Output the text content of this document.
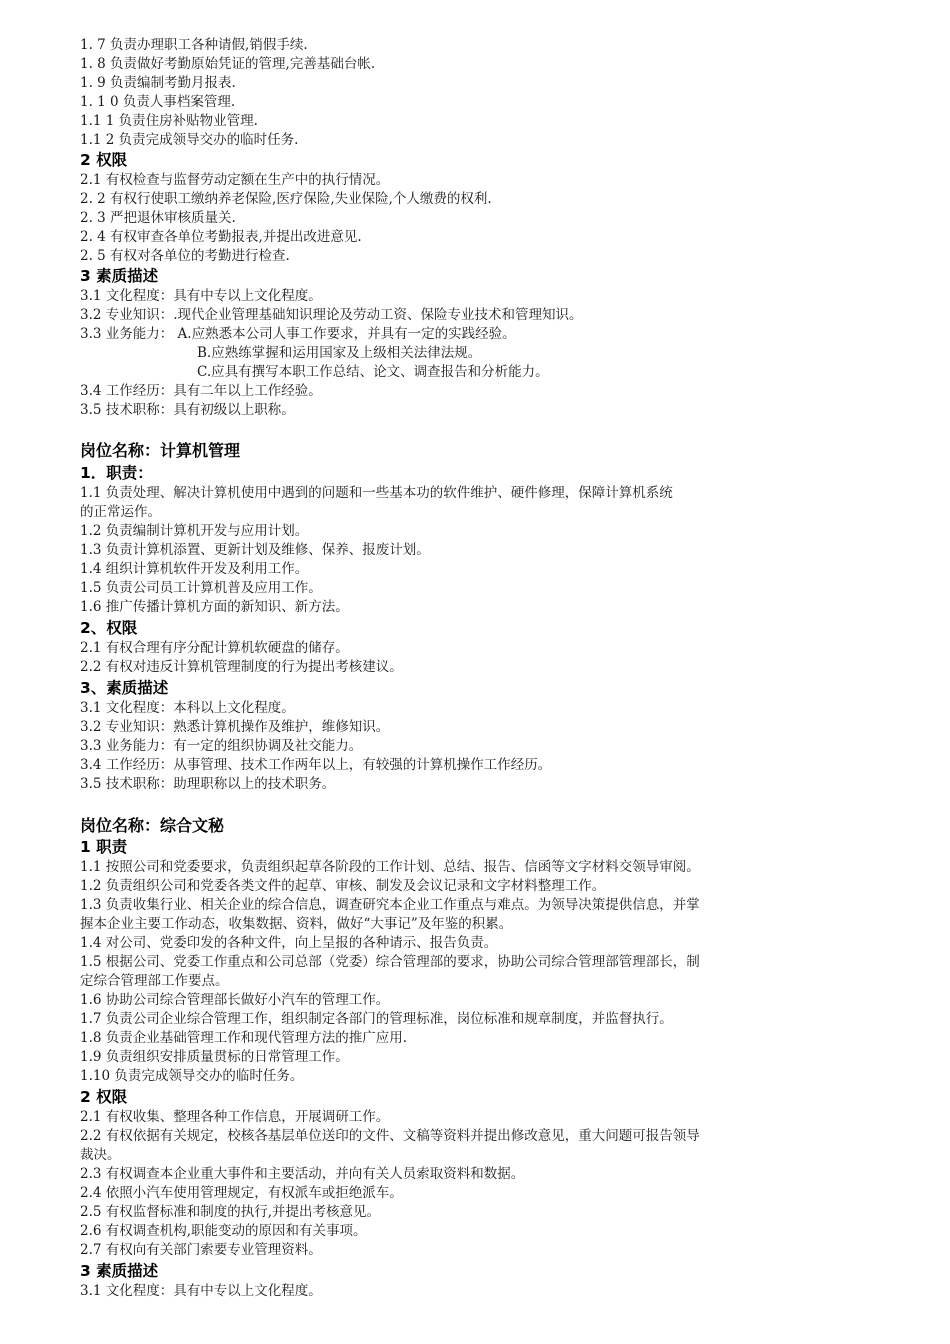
1. 7 负责办理职工各种请假,销假手续.

1. 8 负责做好考勤原始凭证的管理,完善基础台帐.

1. 9 负责编制考勤月报表.

1. 1 0 负责人事档案管理.

1.1 1 负责住房补贴物业管理.

1.1 2 负责完成领导交办的临时任务.

2 权限

2.1 有权检查与监督劳动定额在生产中的执行情况。

2. 2 有权行使职工缴纳养老保险,医疗保险,失业保险,个人缴费的权利.

2. 3 严把退休审核质量关.

2. 4 有权审查各单位考勤报表,并提出改进意见.

2. 5 有权对各单位的考勤进行检查.

3 素质描述

3.1 文化程度：具有中专以上文化程度。

3.2 专业知识：.现代企业管理基础知识理论及劳动工资、保险专业技术和管理知识。

3.3 业务能力： A.应熟悉本公司人事工作要求，并具有一定的实践经验。

B.应熟练掌握和运用国家及上级相关法律法规。

C.应具有撰写本职工作总结、论文、调查报告和分析能力。

3.4 工作经历：具有二年以上工作经验。

3.5 技术职称：具有初级以上职称。

岗位名称：计算机管理

1．职责：

1.1 负责处理、解决计算机使用中遇到的问题和一些基本功的软件维护、硬件修理，保障计算机系统

的正常运作。

1.2 负责编制计算机开发与应用计划。

1.3 负责计算机添置、更新计划及维修、保养、报废计划。

1.4 组织计算机软件开发及利用工作。

1.5 负责公司员工计算机普及应用工作。

1.6 推广传播计算机方面的新知识、新方法。

2、权限

2.1 有权合理有序分配计算机软硬盘的储存。

2.2 有权对违反计算机管理制度的行为提出考核建议。

3、素质描述

3.1 文化程度：本科以上文化程度。

3.2 专业知识：熟悉计算机操作及维护，维修知识。

3.3 业务能力：有一定的组织协调及社交能力。

3.4 工作经历：从事管理、技术工作两年以上，有较强的计算机操作工作经历。

3.5 技术职称：助理职称以上的技术职务。

岗位名称：综合文秘

1 职责

1.1 按照公司和党委要求，负责组织起草各阶段的工作计划、总结、报告、信函等文字材料交领导审阅。

1.2 负责组织公司和党委各类文件的起草、审核、制发及会议记录和文字材料整理工作。

1.3 负责收集行业、相关企业的综合信息，调查研究本企业工作重点与难点。为领导决策提供信息，并掌

握本企业主要工作动态，收集数据、资料，做好“大事记”及年鉴的积累。

1.4 对公司、党委印发的各种文件，向上呈报的各种请示、报告负责。

1.5 根据公司、党委工作重点和公司总部（党委）综合管理部的要求，协助公司综合管理部管理部长，制

定综合管理部工作要点。

1.6 协助公司综合管理部长做好小汽车的管理工作。

1.7 负责公司企业综合管理工作，组织制定各部门的管理标准，岗位标准和规章制度，并监督执行。

1.8 负责企业基础管理工作和现代管理方法的推广应用.

1.9 负责组织安排质量贯标的日常管理工作。

1.10 负责完成领导交办的临时任务。

2 权限

2.1 有权收集、整理各种工作信息，开展调研工作。

2.2 有权依据有关规定，校核各基层单位送印的文件、文稿等资料并提出修改意见，重大问题可报告领导

裁决。

2.3 有权调查本企业重大事件和主要活动，并向有关人员索取资料和数据。

2.4 依照小汽车使用管理规定，有权派车或拒绝派车。

2.5 有权监督标准和制度的执行,并提出考核意见。

2.6 有权调查机构,职能变动的原因和有关事项。

2.7 有权向有关部门索要专业管理资料。

3 素质描述

3.1 文化程度：具有中专以上文化程度。
